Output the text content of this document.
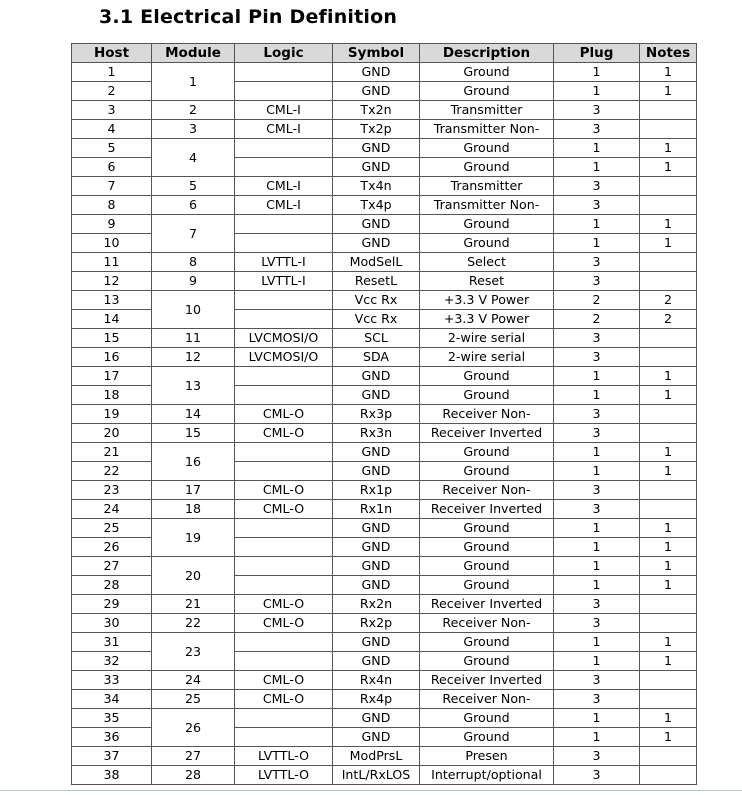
3.1 Electrical Pin Definition
Host	Module	Logic	Symbol	Description	Plug	Notes
1	1		GND	Ground	1	1
2			GND	Ground	1	1
3	2	CML-I	Tx2n	Transmitter	3	
4	3	CML-I	Tx2p	Transmitter Non-	3	
5	4		GND	Ground	1	1
6			GND	Ground	1	1
7	5	CML-I	Tx4n	Transmitter	3	
8	6	CML-I	Tx4p	Transmitter Non-	3	
9	7		GND	Ground	1	1
10			GND	Ground	1	1
11	8	LVTTL-I	ModSelL	Select	3	
12	9	LVTTL-I	ResetL	Reset	3	
13	10		Vcc Rx	+3.3 V Power	2	2
14			Vcc Rx	+3.3 V Power	2	2
15	11	LVCMOSI/O	SCL	2-wire serial	3	
16	12	LVCMOSI/O	SDA	2-wire serial	3	
17	13		GND	Ground	1	1
18			GND	Ground	1	1
19	14	CML-O	Rx3p	Receiver Non-	3	
20	15	CML-O	Rx3n	Receiver Inverted	3	
21	16		GND	Ground	1	1
22			GND	Ground	1	1
23	17	CML-O	Rx1p	Receiver Non-	3	
24	18	CML-O	Rx1n	Receiver Inverted	3	
25	19		GND	Ground	1	1
26			GND	Ground	1	1
27	20		GND	Ground	1	1
28			GND	Ground	1	1
29	21	CML-O	Rx2n	Receiver Inverted	3	
30	22	CML-O	Rx2p	Receiver Non-	3	
31	23		GND	Ground	1	1
32			GND	Ground	1	1
33	24	CML-O	Rx4n	Receiver Inverted	3	
34	25	CML-O	Rx4p	Receiver Non-	3	
35	26		GND	Ground	1	1
36			GND	Ground	1	1
37	27	LVTTL-O	ModPrsL	Presen	3	
38	28	LVTTL-O	IntL/RxLOS	Interrupt/optional	3	
